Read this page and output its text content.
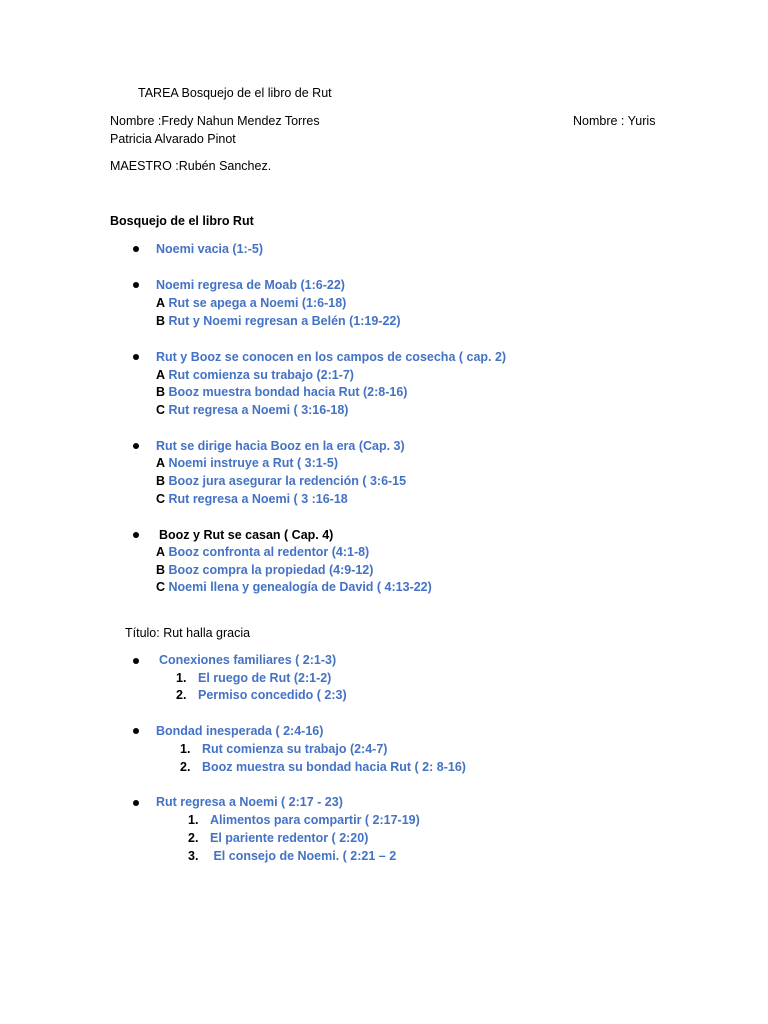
TAREA Bosquejo de el libro de Rut
Nombre :Fredy Nahun Mendez Torres	Nombre : Yuris
Patricia Alvarado Pinot
MAESTRO :Rubén Sanchez.
Bosquejo de el libro Rut
Noemi vacia (1:-5)
Noemi regresa de Moab (1:6-22)
A Rut se apega a Noemi (1:6-18)
B Rut y Noemi regresan a Belén (1:19-22)
Rut y Booz se conocen en los campos de cosecha ( cap. 2)
A Rut comienza su trabajo (2:1-7)
B Booz muestra bondad hacia Rut (2:8-16)
C Rut regresa a Noemi ( 3:16-18)
Rut se dirige hacia Booz en la era (Cap. 3)
A Noemi instruye a Rut ( 3:1-5)
B Booz jura asegurar la redención ( 3:6-15
C Rut regresa a Noemi ( 3 :16-18
Booz y Rut se casan ( Cap. 4)
A Booz confronta al redentor (4:1-8)
B Booz compra la propiedad (4:9-12)
C Noemi llena y genealogía de David ( 4:13-22)
Título: Rut halla gracia
Conexiones familiares ( 2:1-3)
1. El ruego de Rut (2:1-2)
2. Permiso concedido ( 2:3)
Bondad inesperada ( 2:4-16)
1. Rut comienza su trabajo (2:4-7)
2. Booz muestra su bondad hacia Rut ( 2: 8-16)
Rut regresa a Noemi ( 2:17 - 23)
1. Alimentos para compartir ( 2:17-19)
2. El pariente redentor ( 2:20)
3. El consejo de Noemi. ( 2:21 – 2
